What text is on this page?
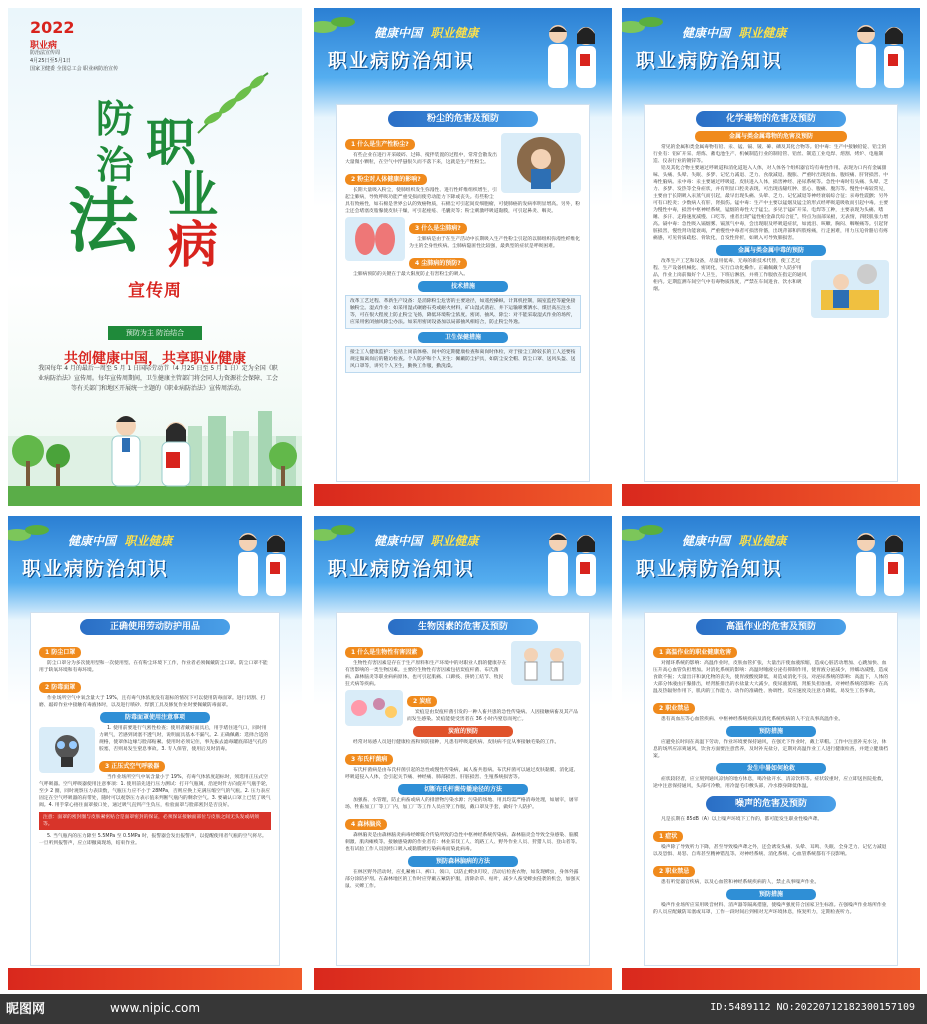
2022
职业病
防治法宣传周
4月25日至5月1日
国家卫健委 全国总工会 职业病防治宣传
防
治
法
职
业
病
宣传周
预防为主 防治结合
共创健康中国，共享职业健康
我国每年 4 月的最后一周至 5 月 1 日国际劳动节（4 月25 日至 5 月 1 日）定为全国《职业病防治法》宣传周。每年宣传周期间，卫生健康主管部门将会同人力资源社会保障、工会等有关部门和地区开展统一主题的《职业病防治法》宣传周活动。
健康中国 职业健康
职业病防治知识
粉尘的危害及预防
1 什么是生产性粉尘?

有些企业在进行开采破碎、过筛、搅拌装置的过程中，常常会散发出大量微小颗粒，在空气中浮悬很久而不落下来，这就是生产性粉尘。

2 粉尘对人体健康的影响?

长期大量吸入粉尘，使肺组织发生弥漫性、进行性纤维组织增生，引起尘肺病，导致呼吸功能严重受损而使劳动能力下降或丧失。有些粉尘具有致癌性，如石棉是世界公认的致癌物质，石棉尘可引起间皮细胞瘤，可使肺癌的发病率明显增高。另外，粉尘还会堵塞皮脂腺使皮肤干燥，可引起痤疮、毛囊炎等；粉尘刺激呼吸道黏膜，可引起鼻炎、咽炎。

3 什么是尘肺病?

尘肺病是由于在生产活动中长期吸入生产性粉尘引起的以肺组织弥漫性纤维化为主的全身性疾病。尘肺病隐匿性比较强，最典型的症状是呼吸困难。

4 尘肺病的预防?

尘肺病预防的关键在于最大限度防止有害粉尘的吸入。

技术措施
改革工艺过程、革新生产设备：是消除粉尘危害的主要途径，如遥控操纵、计算机控制，隔室监控等避免接触粉尘。湿式作业：如采用湿式碾磨石英或耐火材料，矿山湿式凿岩、井下运输喷雾洒水、煤层高压注水等，可在很大程度上防止粉尘飞扬，降低环境粉尘浓度。密闭、抽风、除尘：对不能采取湿式作业的场所，应采用密闭抽风除尘办法。如采用密闭设备加以局部抽风相结合，防止粉尘外逸。
卫生保健措施
接尘工人健康监护：包括上岗前体格、岗中的定期健康检查和离岗时体检，对于接尘工龄较长的工人还要按规定做离岗后的随访检查。个人防护和个人卫生：佩戴防尘护具，如防尘安全帽、防尘口罩、送风头盔、送风口罩等，讲究个人卫生，勤换工作服，勤洗澡。
健康中国 职业健康
职业病防治知识
化学毒物的危害及预防
金属与类金属毒物的危害及预防

常见的金属和类金属毒物有铅、汞、锰、镉、铍、砷、磷及其化合物等。铅中毒：生产中接触铅锭、铅尘的行业有：铅矿开采、熔炼、蓄电池生产、机械制造行业的制铅管、铅丝、制造工业电焊、熔割、烤炉、电瓶制造、仪表行业的镀锌等。

铅及其化合物主要通过呼吸道和消化道进入人体，对人体各个组织器官均有毒性作用。表现为口内有金属甜味、头痛、头晕、失眠、多梦、记忆力减退、乏力、食欲减退、腹胀、严重时出现贫血、腹绞痛、肝肾损害、中毒性脑病。汞中毒：汞主要通过呼吸道、皮肤进入人体，损害神经、泌尿系统等。急性中毒时有头痛、头晕、乏力、多梦、发热等全身症状，并有明显口腔炎表现，可出现齿龈红肿、恶心、腹痛、腹泻等。慢性中毒较常见，主要由于长期吸入汞蒸气而引起，最早出现头痛、头晕、乏力、记忆减退等神经衰弱综合征；汞毒性震颤；另外可有口腔炎；少数病人有肝、肾损伤。锰中毒：生产中主要以锰烟及锰尘的形式经呼吸道吸收而引起中毒。主要为慢性中毒，损害中枢神经系统，锰烟的毒性大于锰尘。多见于锰矿开采、电焊等工种，主要表现为头痛、嗜睡、多汗、走路速度减慢、口吃等，重者出现“锰性帕金森氏综合征”，特点为面部呆板，无表情，四肢肌张力增高。镉中毒：急性吸入镉烟雾、镉蒸气中毒，会出现眼及呼吸道症状，如流泪、咳嗽、胸闷、咽喉痛等。引起肾脏损害，慢性肾功能衰竭，严重慢性中毒者可损害骨骼，出现背部和四肢疼痛，行走困难，用力压迫骨骼后有疼痛感，可见骨质疏松、骨软化，自发性骨折，如吸入可导致肺损害。

金属与类金属中毒的预防

改革生产工艺和设备，尽量用低毒、无毒的新技术代替，使工艺过程、生产设备机械化、密闭化，实行自动化操作。正确佩戴个人防护用品，作业上岗前做好个人卫生，下班后淋浴，并将工作服放在指定的通风柜内。定期监测车间空气中有毒物质浓度，严禁在车间进食、饮水和吸烟。

健康中国 职业健康
职业病防治知识
正确使用劳动防护用品
1 防尘口罩

防尘口罩分为多次使用型和一次使用型。在有粉尘环境下工作，作业者必须佩戴防尘口罩。防尘口罩不能用于缺氧环境和有毒环境。

2 防毒面罩

作业场所空气中氧含量大于 19%，且有毒气体浓度没有超标的情况下可以使用防毒面罩。进行切割、打磨、敲碎作业中接触有毒液体时，以及进行喷砂、焊割工具及修复作业时要佩戴防毒面罩。

防毒面罩使用注意事项

1. 使用前要进行气密性检查；使用者戴好面具后，用手堵住进气口，同时用力吸气，若感到闭塞不透气时，说明面具基本不漏气。2. 正确佩戴：选择合适的规格，使罩体边缘与脸部贴紧。使用时必须记住，事先拔去滤毒罐底部进气孔的胶塞，否则易发生窒息事故。3. 专人保管，使用后及时消毒。

3 正压式空气呼吸器

当作业场所空气中氧含量小于 19%，有毒气体浓度超标时，须选用正压式空气呼吸器。空气呼吸器使用注意事项：1. 使用前先进行压力测试：打开气瓶阀，沿逆时针方向旋开气瓶手轮，至少 2 圈，同时观察压力表读数，气瓶压力应不小于 28MPa，否则应换上充满压缩空气的气瓶。2. 压力表应固定在空气呼吸器的肩带处，随时可以观察压力表示值来判断气瓶内的剩余空气。3. 要确认口罩上已装了吸气阀。4. 用手掌心捂住面罩接口处，通过吸气直到产生负压，检验面罩与脸部密封是否良好。

注意：面罩的密封圈与皮肤紧密贴合是面罩密封的保证，必须保证接触面部位与皮肤之间无头发或胡须等。

5. 当气瓶内的压力降至 5.5MPa 至 0.5MPa 时，报警器会发出报警声，以提醒使用者气瓶的空气将尽。一旦听到报警声，应立即撤离现场，结束作业。

健康中国 职业健康
职业病防治知识
生物因素的危害及预防
1 什么是生物性有害因素

生物性有害因素是存在于生产原料和生产环境中的对职业人群的健康存在有害影响的一类生物因素。主要的生物性有害因素包括炭疽杆菌、布氏菌病、森林脑炎等职业病病原体，也可引起肌痛、口蹄疫、挤奶工结节、牧民狂犬病等疾病。

2 炭疽

炭疽是由炭疽杆菌引发的一种人畜共患的急性传染病。人因接触病畜及其产品而发生感染。炭疽能使受害者在 36 小时内窒息而死亡。

炭疽的预防

经常对易感人员进行健康检查和预防接种，凡患有呼吸道疾病、皮肤病不宜从事接触毛染的工作。

3 布氏杆菌病

布氏杆菌病是由布氏杆菌引起的急性或慢性传染病，属人畜共患病。布氏杆菌可以通过皮肤黏膜、消化道、呼吸道侵入人体，会引起关节痛、神经痛、肺部损害、肝脏损害、生殖系统损害等。

切断布氏杆菌传播途径的方法

加强畜、水管理，防止病畜或病人的排泄物污染水源；污染的场地、用具均需严格消毒处理，如屠宰，屠宰场、牲畜加工厂等工厂内，加工厂等工作人员应穿工作服，戴口罩及手套，做好个人防护。

4 森林脑炎

森林脑炎是由森林脑炎病毒经蜱媒介传染所致的急性中枢神经系统传染病。森林脑炎会导致全身感染、脑膜刺激、肌肉瘫痪等。接触感染源的作业者有：林业采伐工人、筑路工人、野外作业人员、狩猎人员、登山者等。也有试验工作人员因经口吸入或黏膜被污染病毒而染此病毒。

预防森林脑病的方法

在林区野外活动时，应扎紧袖口、裤口、领口，以防止蜱虫叮咬，活动后检查衣物，如发现蜱虫，身体外露部分涂防护剂。在森林地区的工作时应穿戴五紧防护服，清除杂草、枯叶，减少人畜受蜱虫侵袭的机会，加强灭鼠、灭蜱工作。

健康中国 职业健康
职业病防治知识
高温作业的危害及预防
1 高温作业的职业健康危害

对循环系统的影响：高温作业时，皮肤血管扩张，大量出汗使血液浓缩，造成心脏活动增加、心跳加快、血压升高心血管负担增加。对消化系统的影响：高温时唾液分泌有抑制作用，使胃液分泌减少，胃蠕动减慢，造成食欲不振；大量出汗和氯化物的丧失，使胃液酸度降低，易造成消化不良。对泌尿系统的影响：高温下，人体的大部分体液由汗腺排出，经肾脏排出的水盐量大大减少，使尿液浓缩，肾脏负担加重。对神经系统的影响：在高温及热辐射作用下，肌肉的工作能力、动作的准确性、协调性、反应速度及注意力降低，易发生工伤事故。

2 职业禁忌

患有高血压等心血管疾病、中枢神经系统疾病及消化系统疾病的人不宜从事高温作业。

预防措施

应避免长时间在高温下劳动，作业环境要保持通风，在强光下作业时，戴上草帽。工作中注意补充水分，休息的场所应凉爽通风，饮食方面要注意营养，及时补充盐分，定期对高温作业工人进行健康检查，并建立健康档案。

发生中暑如何抢救

症状较轻者，应立刻到通风凉快的地方休息，喝冷盐开水、清凉饮料等。症状较重时，应立即送医院抢救，途中注意保持通风，头部可冷敷，用冷湿毛巾敷头部，冷水擦身降低体温。

噪声的危害及预防

凡是长期在 85dB（A）以上噪声环境下工作的，都可能发生职业性噪声聋。

1 症状

噪声除了导致听力下降，甚至导致噪声聋之外，还会诱发头痛、头晕、耳鸣、失眠、全身乏力、记忆力减退以及恐惧、易怒、自卑甚至精神错乱等。对神经系统、消化系统、心血管系统都有不良影响。

2 职业禁忌

患有听觉器官疾病，以及心血管和神经系统疾病的人，禁止从事噪声作业。

预防措施

噪声作业场所应采用吸音材料、消声器等隔离措施，使噪声强度符合国家卫生标准。在强噪声作业场所作业的人员应配戴防耳塞或耳罩，工作一段时间后到相对无声环境休息，恢复听力，定期检查听力。

昵图网	www.nipic.com	ID:5489112 NO:20220712182300157109
